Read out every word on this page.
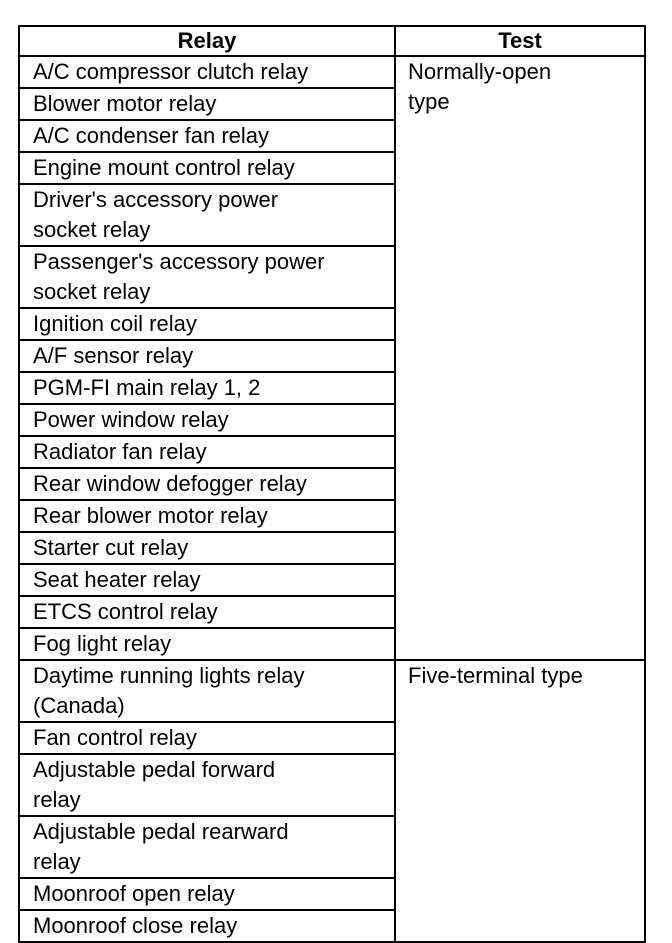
Relay	Test

A/C compressor clutch relay	Normally-open
type

Blower motor relay	

A/C condenser fan relay	

Engine mount control relay	

Driver's accessory power
socket relay	

Passenger's accessory power
socket relay	

Ignition coil relay	

A/F sensor relay	

PGM-FI main relay 1, 2	

Power window relay	

Radiator fan relay	

Rear window defogger relay	

Rear blower motor relay	

Starter cut relay	

Seat heater relay	

ETCS control relay	

Fog light relay	

Daytime running lights relay
(Canada)	Five-terminal type

Fan control relay	

Adjustable pedal forward
relay	

Adjustable pedal rearward
relay	

Moonroof open relay	

Moonroof close relay	
